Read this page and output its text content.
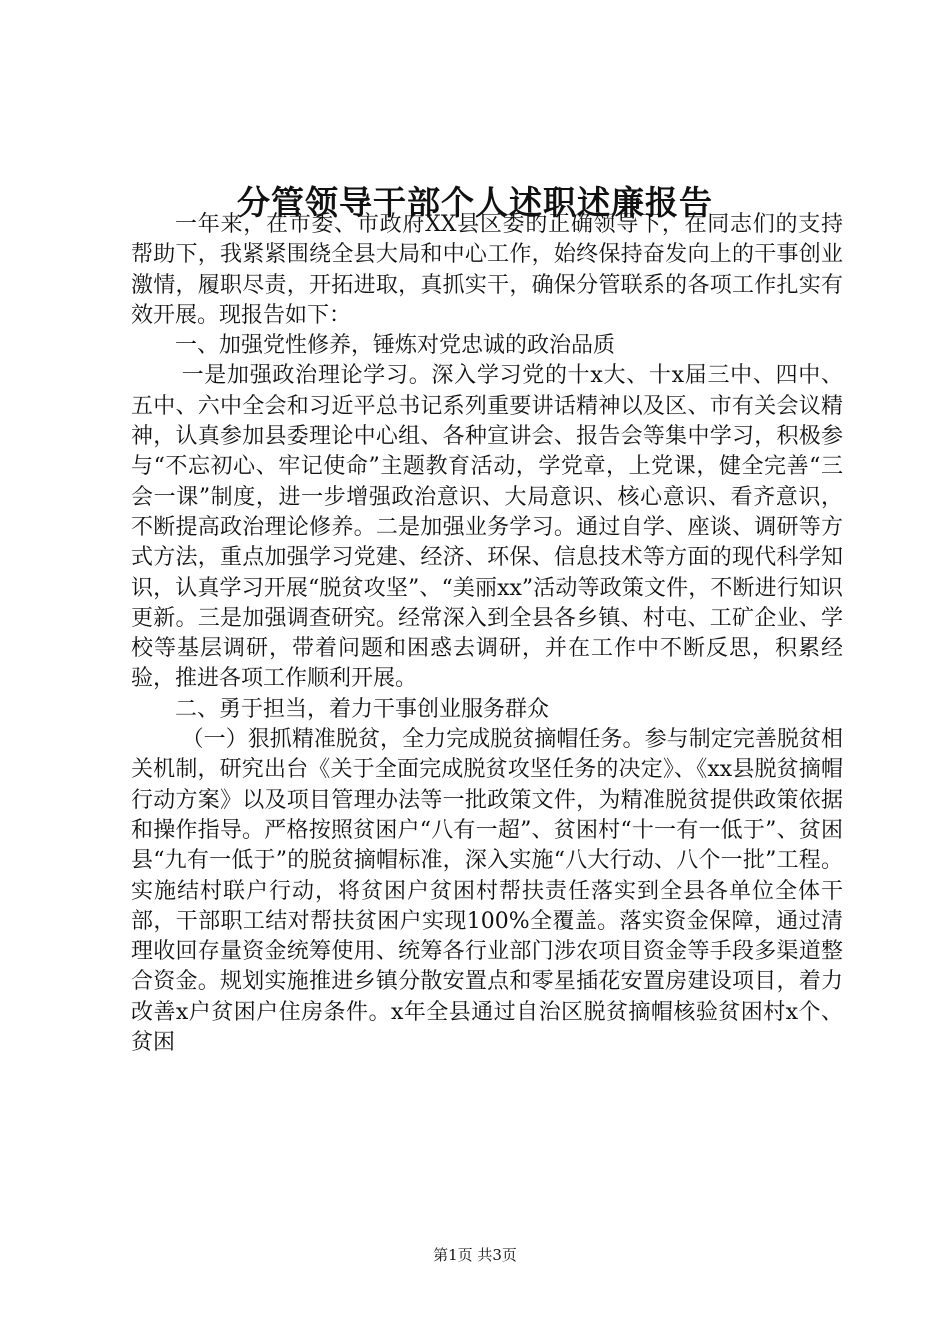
分管领导干部个人述职述廉报告

一年来，在市委、市政府XX县区委的正确领导下，在同志们的支持帮助下，我紧紧围绕全县大局和中心工作，始终保持奋发向上的干事创业激情，履职尽责，开拓进取，真抓实干，确保分管联系的各项工作扎实有效开展。现报告如下：

一、加强党性修养，锤炼对党忠诚的政治品质

一是加强政治理论学习。深入学习党的十x大、十x届三中、四中、五中、六中全会和习近平总书记系列重要讲话精神以及区、市有关会议精神，认真参加县委理论中心组、各种宣讲会、报告会等集中学习，积极参与“不忘初心、牢记使命”主题教育活动，学党章，上党课，健全完善“三会一课”制度，进一步增强政治意识、大局意识、核心意识、看齐意识，不断提高政治理论修养。二是加强业务学习。通过自学、座谈、调研等方式方法，重点加强学习党建、经济、环保、信息技术等方面的现代科学知识，认真学习开展“脱贫攻坚”、“美丽xx”活动等政策文件，不断进行知识更新。三是加强调查研究。经常深入到全县各乡镇、村屯、工矿企业、学校等基层调研，带着问题和困惑去调研，并在工作中不断反思，积累经验，推进各项工作顺利开展。

二、勇于担当，着力干事创业服务群众

（一）狠抓精准脱贫，全力完成脱贫摘帽任务。参与制定完善脱贫相关机制，研究出台《关于全面完成脱贫攻坚任务的决定》、《xx县脱贫摘帽行动方案》以及项目管理办法等一批政策文件，为精准脱贫提供政策依据和操作指导。严格按照贫困户“八有一超”、贫困村“十一有一低于”、贫困县“九有一低于”的脱贫摘帽标准，深入实施“八大行动、八个一批”工程。实施结村联户行动，将贫困户贫困村帮扶责任落实到全县各单位全体干部，干部职工结对帮扶贫困户实现100%全覆盖。落实资金保障，通过清理收回存量资金统筹使用、统筹各行业部门涉农项目资金等手段多渠道整合资金。规划实施推进乡镇分散安置点和零星插花安置房建设项目，着力改善x户贫困户住房条件。x年全县通过自治区脱贫摘帽核验贫困村x个、贫困

第1页 共3页
